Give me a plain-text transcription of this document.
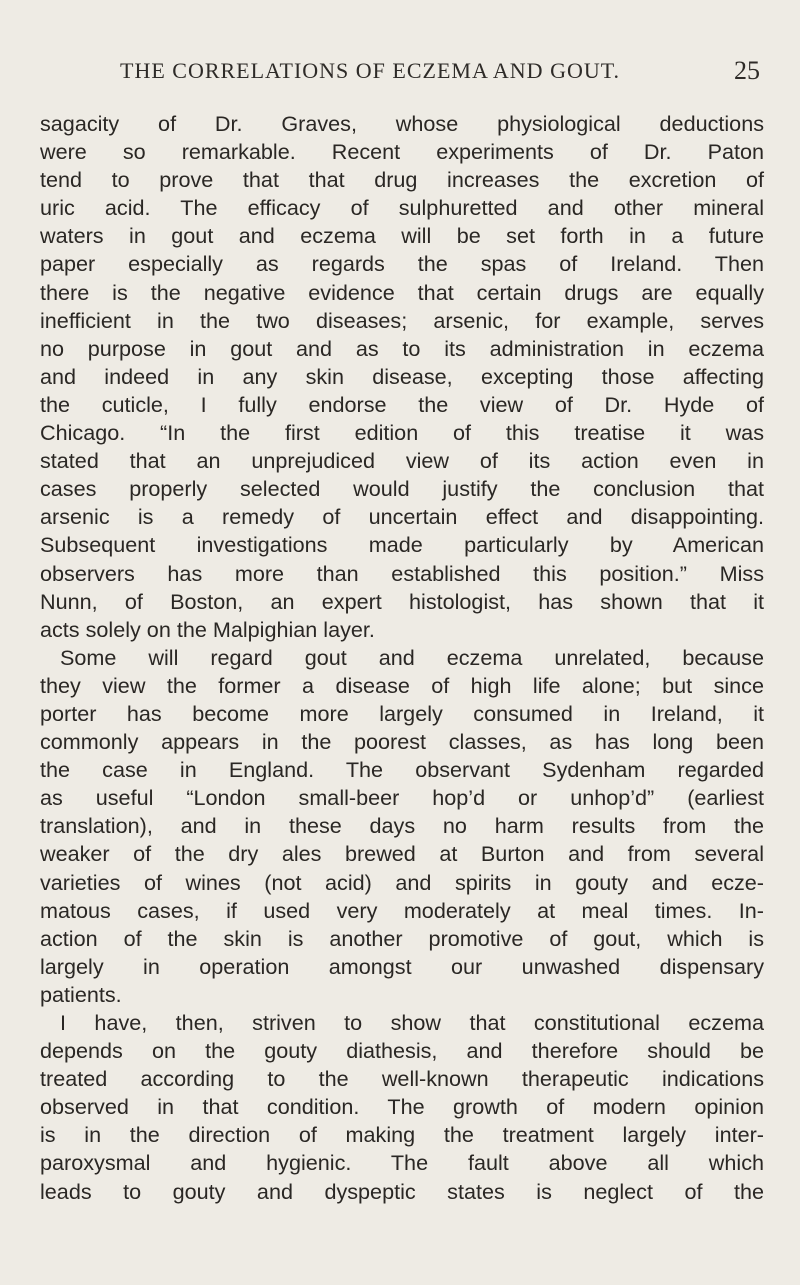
THE CORRELATIONS OF ECZEMA AND GOUT.	25
sagacity of Dr. Graves, whose physiological deductions
were so remarkable. Recent experiments of Dr. Paton
tend to prove that that drug increases the excretion of
uric acid. The efficacy of sulphuretted and other mineral
waters in gout and eczema will be set forth in a future
paper especially as regards the spas of Ireland. Then
there is the negative evidence that certain drugs are equally
inefficient in the two diseases; arsenic, for example, serves
no purpose in gout and as to its administration in eczema
and indeed in any skin disease, excepting those affecting
the cuticle, I fully endorse the view of Dr. Hyde of
Chicago. “In the first edition of this treatise it was
stated that an unprejudiced view of its action even in
cases properly selected would justify the conclusion that
arsenic is a remedy of uncertain effect and disappointing.
Subsequent investigations made particularly by American
observers has more than established this position.” Miss
Nunn, of Boston, an expert histologist, has shown that it
acts solely on the Malpighian layer.
Some will regard gout and eczema unrelated, because
they view the former a disease of high life alone; but since
porter has become more largely consumed in Ireland, it
commonly appears in the poorest classes, as has long been
the case in England. The observant Sydenham regarded
as useful “London small-beer hop’d or unhop’d” (earliest
translation), and in these days no harm results from the
weaker of the dry ales brewed at Burton and from several
varieties of wines (not acid) and spirits in gouty and ecze-
matous cases, if used very moderately at meal times. In-
action of the skin is another promotive of gout, which is
largely in operation amongst our unwashed dispensary
patients.
I have, then, striven to show that constitutional eczema
depends on the gouty diathesis, and therefore should be
treated according to the well-known therapeutic indications
observed in that condition. The growth of modern opinion
is in the direction of making the treatment largely inter-
paroxysmal and hygienic. The fault above all which
leads to gouty and dyspeptic states is neglect of the
